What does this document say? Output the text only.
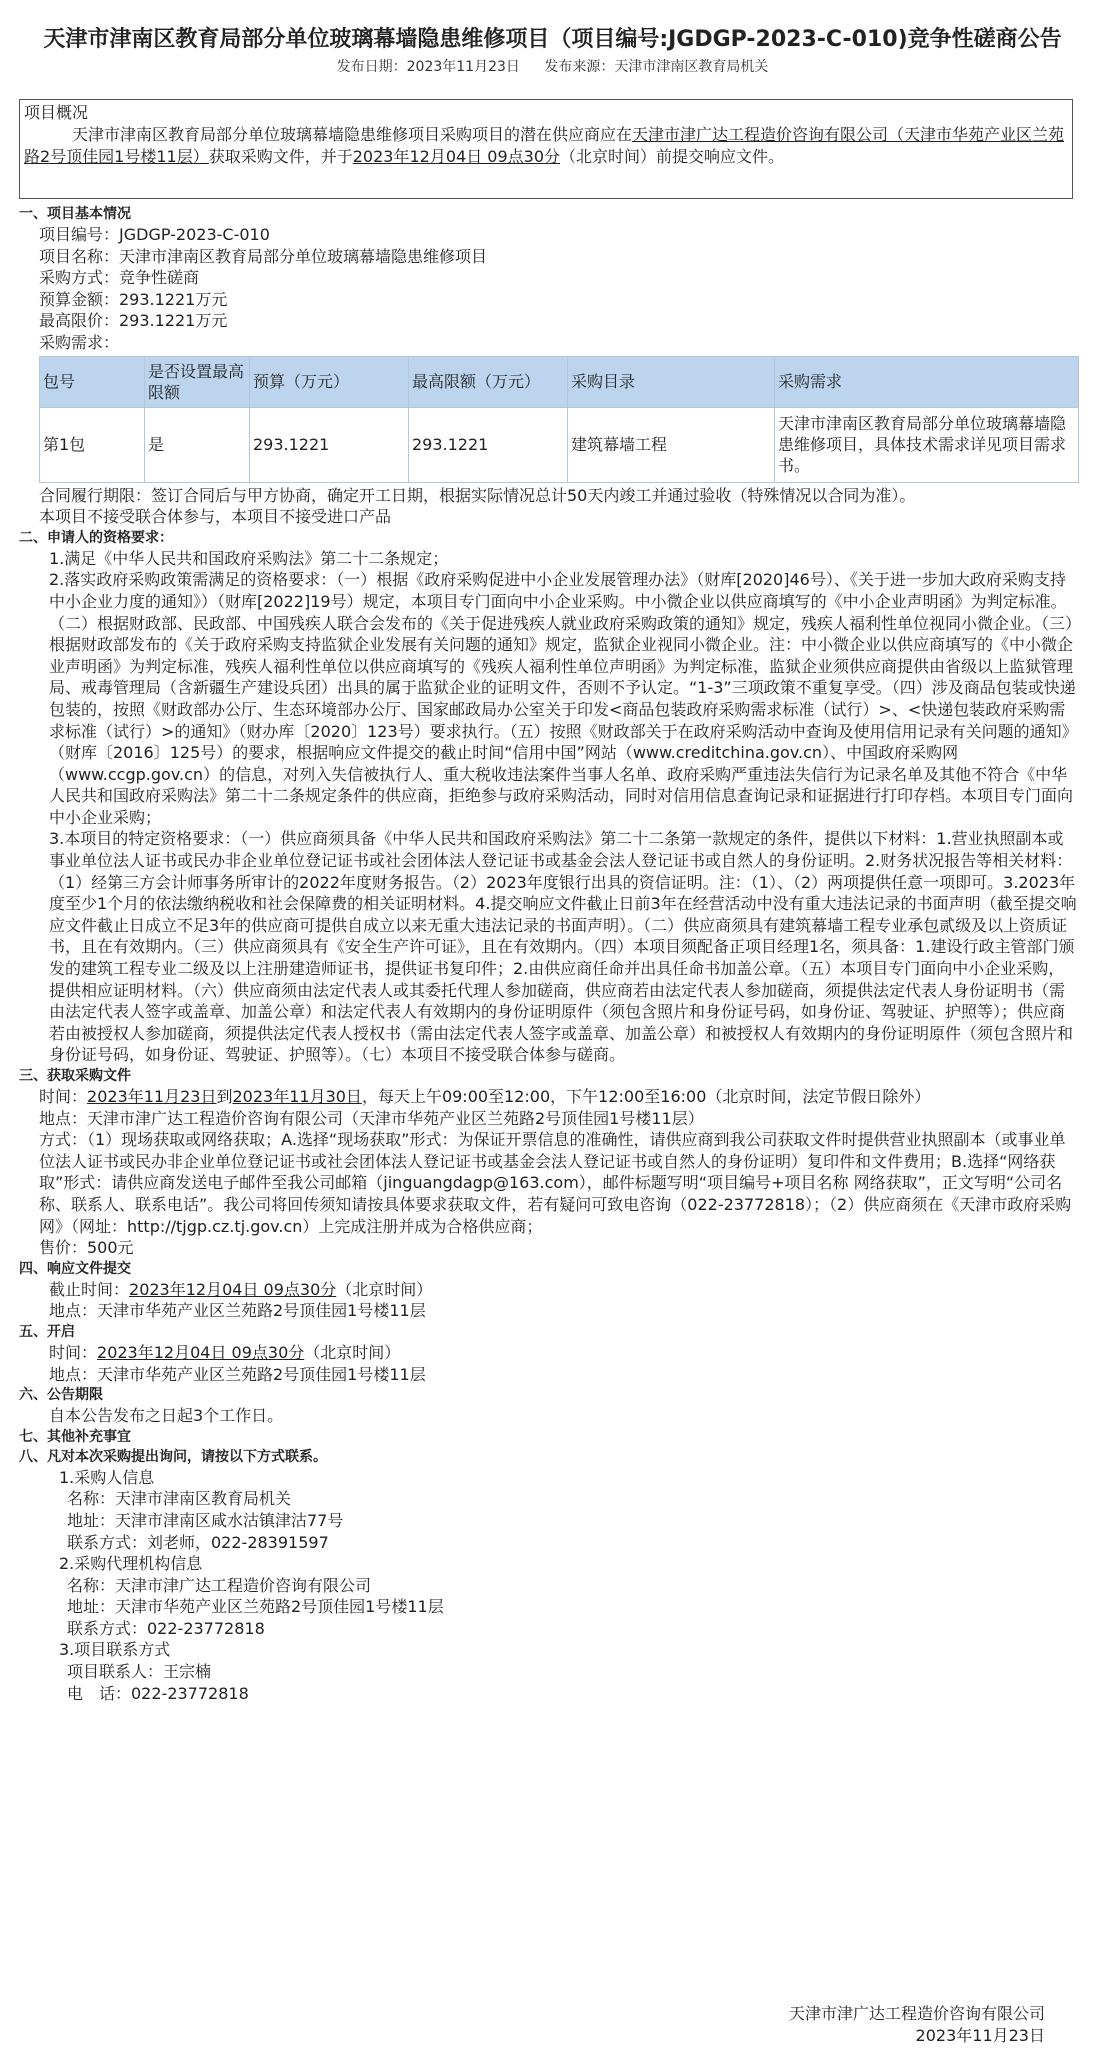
天津市津南区教育局部分单位玻璃幕墙隐患维修项目（项目编号:JGDGP-2023-C-010)竞争性磋商公告
发布日期：2023年11月23日 发布来源：天津市津南区教育局机关
项目概况
天津市津南区教育局部分单位玻璃幕墙隐患维修项目采购项目的潜在供应商应在天津市津广达工程造价咨询有限公司（天津市华苑产业区兰苑路2号顶佳园1号楼11层）获取采购文件，并于2023年12月04日 09点30分（北京时间）前提交响应文件。
一、项目基本情况
项目编号：JGDGP-2023-C-010
项目名称：天津市津南区教育局部分单位玻璃幕墙隐患维修项目
采购方式：竞争性磋商
预算金额：293.1221万元
最高限价：293.1221万元
采购需求：
包号	是否设置最高限额	预算（万元）	最高限额（万元）	采购目录	采购需求
第1包	是	293.1221	293.1221	建筑幕墙工程	天津市津南区教育局部分单位玻璃幕墙隐患维修项目，具体技术需求详见项目需求书。
合同履行期限：签订合同后与甲方协商，确定开工日期，根据实际情况总计50天内竣工并通过验收（特殊情况以合同为准）。
本项目不接受联合体参与，本项目不接受进口产品
二、申请人的资格要求：
1.满足《中华人民共和国政府采购法》第二十二条规定；
2.落实政府采购政策需满足的资格要求：（一）根据《政府采购促进中小企业发展管理办法》（财库[2020]46号）、《关于进一步加大政府采购支持中小企业力度的通知》）（财库[2022]19号）规定，本项目专门面向中小企业采购。中小微企业以供应商填写的《中小企业声明函》为判定标准。（二）根据财政部、民政部、中国残疾人联合会发布的《关于促进残疾人就业政府采购政策的通知》规定，残疾人福利性单位视同小微企业。（三）根据财政部发布的《关于政府采购支持监狱企业发展有关问题的通知》规定，监狱企业视同小微企业。注：中小微企业以供应商填写的《中小微企业声明函》为判定标准，残疾人福利性单位以供应商填写的《残疾人福利性单位声明函》为判定标准，监狱企业须供应商提供由省级以上监狱管理局、戒毒管理局（含新疆生产建设兵团）出具的属于监狱企业的证明文件，否则不予认定。“1-3”三项政策不重复享受。（四）涉及商品包装或快递包装的，按照《财政部办公厅、生态环境部办公厅、国家邮政局办公室关于印发<商品包装政府采购需求标准（试行）>、<快递包装政府采购需求标准（试行）>的通知》（财办库〔2020〕123号）要求执行。（五）按照《财政部关于在政府采购活动中查询及使用信用记录有关问题的通知》（财库〔2016〕125号）的要求，根据响应文件提交的截止时间“信用中国”网站（www.creditchina.gov.cn）、中国政府采购网（www.ccgp.gov.cn）的信息，对列入失信被执行人、重大税收违法案件当事人名单、政府采购严重违法失信行为记录名单及其他不符合《中华人民共和国政府采购法》第二十二条规定条件的供应商，拒绝参与政府采购活动，同时对信用信息查询记录和证据进行打印存档。本项目专门面向中小企业采购；
3.本项目的特定资格要求：（一）供应商须具备《中华人民共和国政府采购法》第二十二条第一款规定的条件，提供以下材料：1.营业执照副本或事业单位法人证书或民办非企业单位登记证书或社会团体法人登记证书或基金会法人登记证书或自然人的身份证明。2.财务状况报告等相关材料：（1）经第三方会计师事务所审计的2022年度财务报告。（2）2023年度银行出具的资信证明。注：（1）、（2）两项提供任意一项即可。3.2023年度至少1个月的依法缴纳税收和社会保障费的相关证明材料。4.提交响应文件截止日前3年在经营活动中没有重大违法记录的书面声明（截至提交响应文件截止日成立不足3年的供应商可提供自成立以来无重大违法记录的书面声明）。（二）供应商须具有建筑幕墙工程专业承包贰级及以上资质证书，且在有效期内。（三）供应商须具有《安全生产许可证》，且在有效期内。（四）本项目须配备正项目经理1名，须具备：1.建设行政主管部门颁发的建筑工程专业二级及以上注册建造师证书，提供证书复印件；2.由供应商任命并出具任命书加盖公章。（五）本项目专门面向中小企业采购，提供相应证明材料。（六）供应商须由法定代表人或其委托代理人参加磋商，供应商若由法定代表人参加磋商，须提供法定代表人身份证明书（需由法定代表人签字或盖章、加盖公章）和法定代表人有效期内的身份证明原件（须包含照片和身份证号码，如身份证、驾驶证、护照等）；供应商若由被授权人参加磋商，须提供法定代表人授权书（需由法定代表人签字或盖章、加盖公章）和被授权人有效期内的身份证明原件（须包含照片和身份证号码，如身份证、驾驶证、护照等）。（七）本项目不接受联合体参与磋商。
三、获取采购文件
时间：2023年11月23日到2023年11月30日，每天上午09:00至12:00，下午12:00至16:00（北京时间，法定节假日除外）
地点：天津市津广达工程造价咨询有限公司（天津市华苑产业区兰苑路2号顶佳园1号楼11层）
方式：（1）现场获取或网络获取；A.选择“现场获取”形式：为保证开票信息的准确性，请供应商到我公司获取文件时提供营业执照副本（或事业单位法人证书或民办非企业单位登记证书或社会团体法人登记证书或基金会法人登记证书或自然人的身份证明）复印件和文件费用；B.选择“网络获取”形式：请供应商发送电子邮件至我公司邮箱（jinguangdagp@163.com），邮件标题写明“项目编号+项目名称 网络获取”，正文写明“公司名称、联系人、联系电话”。我公司将回传须知请按具体要求获取文件，若有疑问可致电咨询（022-23772818）；（2）供应商须在《天津市政府采购网》（网址：http://tjgp.cz.tj.gov.cn）上完成注册并成为合格供应商；
售价：500元
四、响应文件提交
截止时间：2023年12月04日 09点30分（北京时间）
地点：天津市华苑产业区兰苑路2号顶佳园1号楼11层
五、开启
时间：2023年12月04日 09点30分（北京时间）
地点：天津市华苑产业区兰苑路2号顶佳园1号楼11层
六、公告期限
自本公告发布之日起3个工作日。
七、其他补充事宜
八、凡对本次采购提出询问，请按以下方式联系。
1.采购人信息
名称：天津市津南区教育局机关
地址：天津市津南区咸水沽镇津沽77号
联系方式：刘老师，022-28391597
2.采购代理机构信息
名称：天津市津广达工程造价咨询有限公司
地址：天津市华苑产业区兰苑路2号顶佳园1号楼11层
联系方式：022-23772818
3.项目联系方式
项目联系人：王宗楠
电　话：022-23772818
天津市津广达工程造价咨询有限公司
2023年11月23日
